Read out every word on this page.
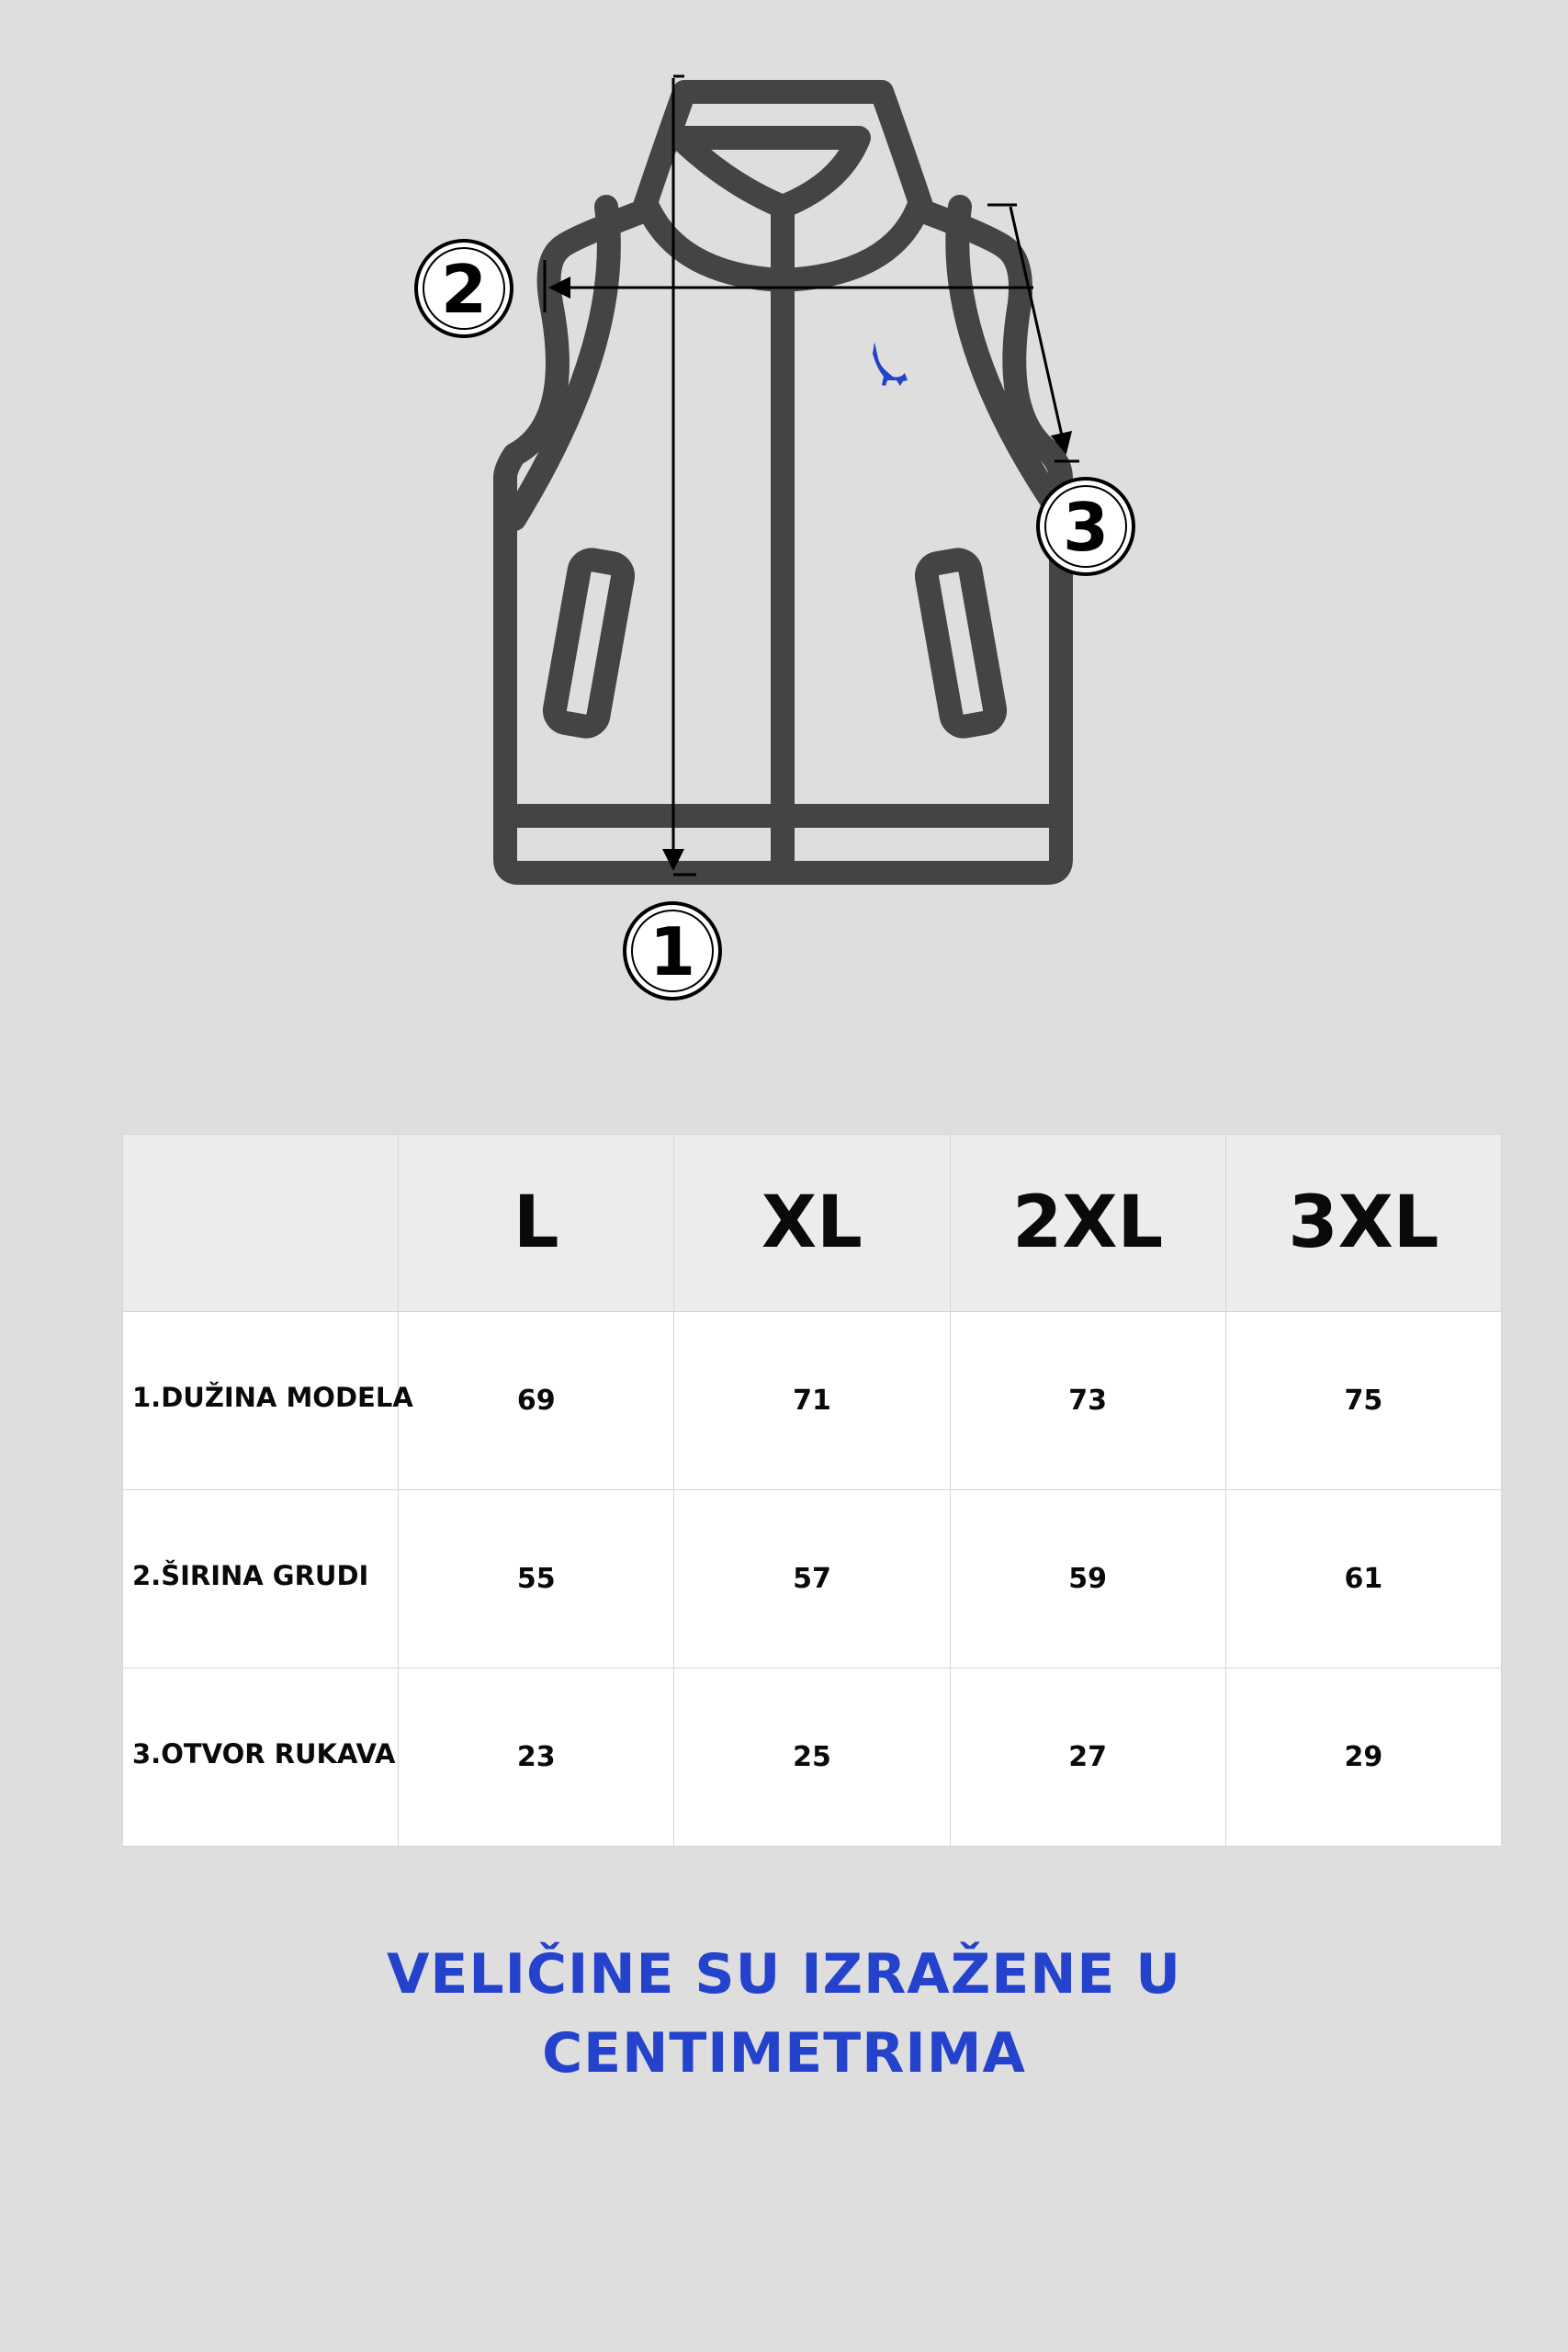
2
3
1
	L	XL	2XL	3XL
1.DUŽINA MODELA	69	71	73	75
2.ŠIRINA GRUDI	55	57	59	61
3.OTVOR RUKAVA	23	25	27	29
VELIČINE SU IZRAŽENE U
CENTIMETRIMA
